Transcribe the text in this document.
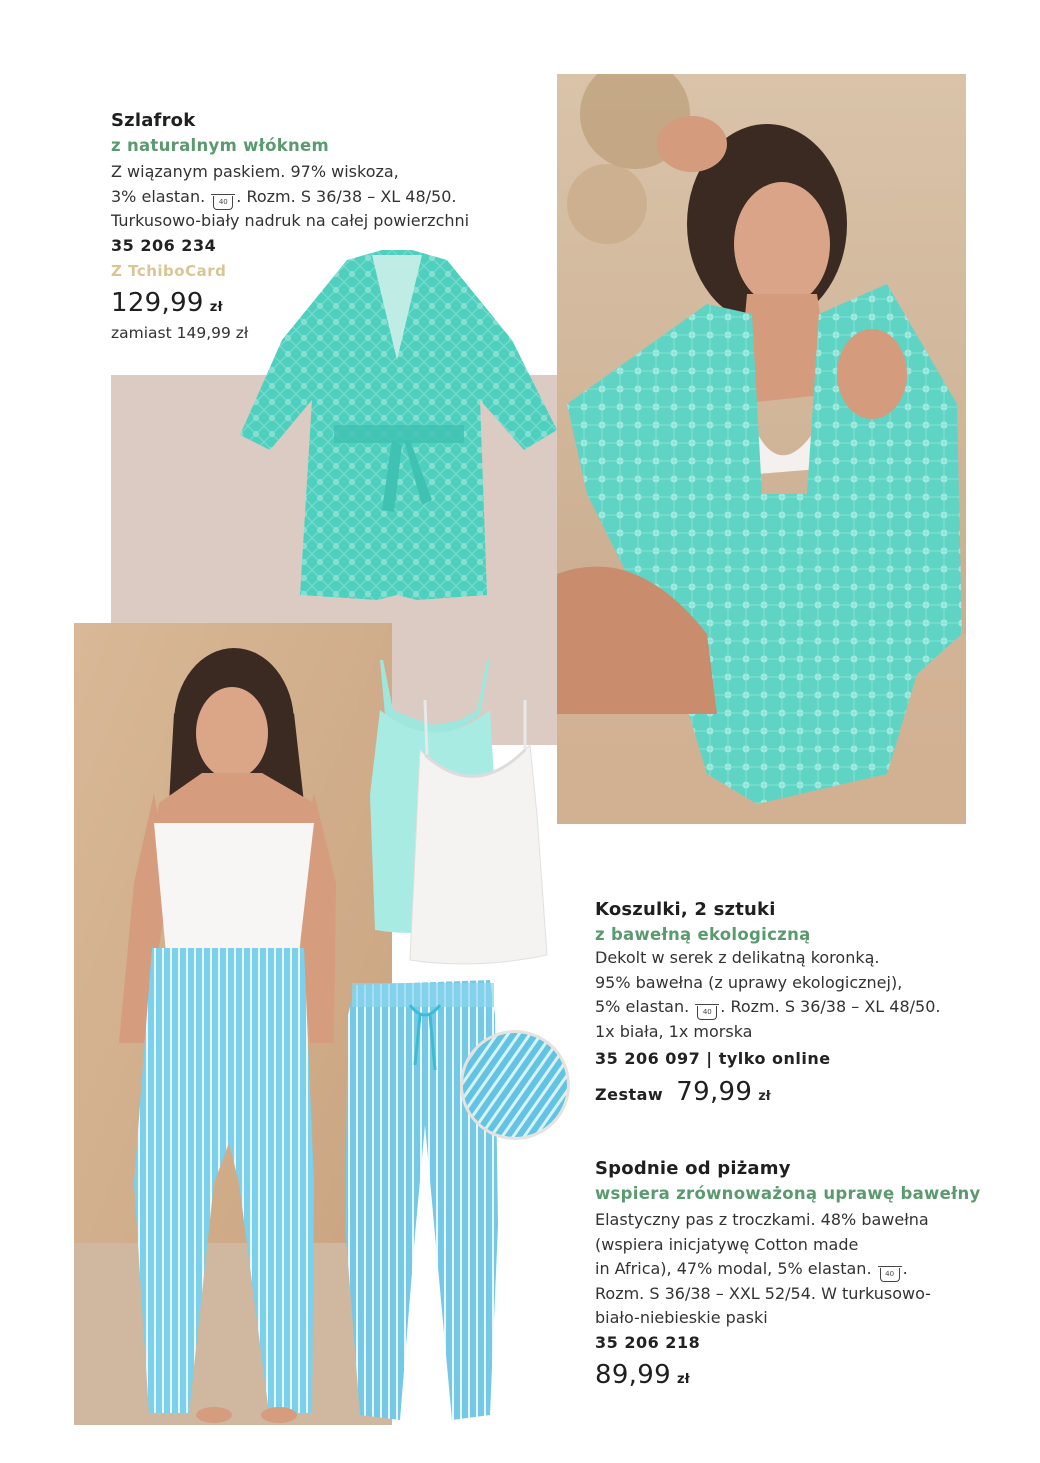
Szlafrok
z naturalnym włóknem
Z wiązanym paskiem. 97% wiskoza,
3% elastan. 40 . Rozm. S 36/38 – XL 48/50.
Turkusowo-biały nadruk na całej powierzchni
35 206 234
Z TchiboCard
129,99 zł
zamiast 149,99 zł
Koszulki, 2 sztuki
z bawełną ekologiczną
Dekolt w serek z delikatną koronką.
95% bawełna (z uprawy ekologicznej),
5% elastan. 40 . Rozm. S 36/38 – XL 48/50.
1x biała, 1x morska
35 206 097 | tylko online
Zestaw 79,99 zł
Spodnie od piżamy
wspiera zrównoważoną uprawę bawełny
Elastyczny pas z troczkami. 48% bawełna
(wspiera inicjatywę Cotton made
in Africa), 47% modal, 5% elastan. 40 .
Rozm. S 36/38 – XXL 52/54. W turkusowo-
biało-niebieskie paski
35 206 218
89,99 zł
